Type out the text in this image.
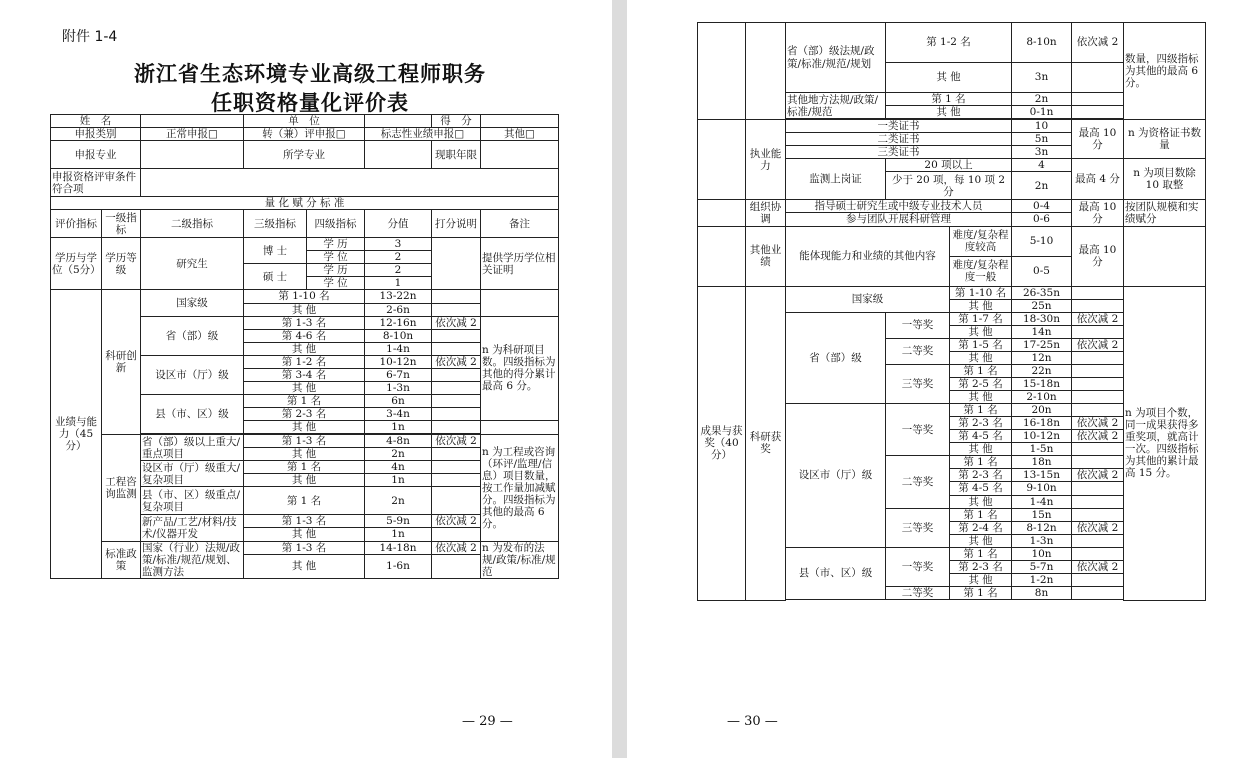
附件 1-4
浙江省生态环境专业高级工程师职务
任职资格量化评价表
姓　名			单　位			得　分		
申报类别		正常申报□	转（兼）评申报□		标志性业绩申报□		其他□	
申报专业			所学专业			现职年限		
申报资格评审条件符合项								
量 化 赋 分 标 准								
评价指标	一级指标	二级指标	三级指标	四级指标	分值	打分说明	备注	
学历与学位（5分）	学历等级	研究生	博 士	学 历	3		提供学历学位相关证明	
				学 位	2			
			硕 士	学 历	2			
				学 位	1			
业绩与能力（45分）	科研创新	国家级	第 1-10 名		13-22n			
			其 他		2-6n			
		省（部）级	第 1-3 名		12-16n	依次减 2	n 为科研项目数。四级指标为其他的得分累计最高 6 分。	
			第 4-6 名		8-10n			
			其 他		1-4n			
		设区市（厅）级	第 1-2 名		10-12n	依次减 2		
			第 3-4 名		6-7n			
			其 他		1-3n			
		县（市、区）级	第 1 名		6n			
			第 2-3 名		3-4n			
			其 他		1n			

	工程咨询监测	省（部）级以上重大/重点项目	第 1-3 名		4-8n	依次减 2	n 为工程或咨询（环评/监理/信息）项目数量，按工作量加减赋分。四级指标为其他的最高 6 分。	
			其 他		2n			
		设区市（厅）级重大/复杂项目	第 1 名		4n			
			其 他		1n			
		县（市、区）级重点/复杂项目	第 1 名		2n			

		新产品/工艺/材料/技术/仪器开发	第 1-3 名		5-9n	依次减 2		

			其 他		1n			

	标准政策	国家（行业）法规/政策/标准/规范/规划、监测方法	第 1-3 名		14-18n	依次减 2	n 为发布的法规/政策/标准/规范	
			其 他		1-6n			

— 29 —
		省（部）级法规/政策/标准/规范/规划	第 1-2 名		8-10n	依次减 2	数量，四级指标为其他的最高 6 分。
			其 他		3n		
		其他地方法规/政策/标准/规范	第 1 名		2n		
			其 他		0-1n		

	执业能力	一类证书			10	最高 10 分	n 为资格证书数量
		二类证书			5n		
		三类证书			3n		
		监测上岗证	20 项以上		4	最高 4 分	n 为项目数除 10 取整
			少于 20 项，每 10 项 2 分		2n		
	组织协调	指导硕士研究生或中级专业技术人员			0-4	最高 10 分	按团队规模和实绩赋分
		参与团队开展科研管理			0-6		
	其他业绩	能体现能力和业绩的其他内容		难度/复杂程度较高	5-10	最高 10 分	
				难度/复杂程度一般	0-5		
成果与获奖（40分）	科研获奖	国家级		第 1-10 名	26-35n		n 为项目个数，同一成果获得多重奖项，就高计一次。四级指标为其他的累计最高 15 分。
				其 他	25n		
		省（部）级	一等奖	第 1-7 名	18-30n	依次减 2	
				其 他	14n		
			二等奖	第 1-5 名	17-25n	依次减 2	
				其 他	12n		
			三等奖	第 1 名	22n		
				第 2-5 名	15-18n		
				其 他	2-10n		
		设区市（厅）级	一等奖	第 1 名	20n		
				第 2-3 名	16-18n	依次减 2	
				第 4-5 名	10-12n	依次减 2	
				其 他	1-5n		
			二等奖	第 1 名	18n		
				第 2-3 名	13-15n	依次减 2	
				第 4-5 名	9-10n		
				其 他	1-4n		
			三等奖	第 1 名	15n		
				第 2-4 名	8-12n	依次减 2	
				其 他	1-3n		
		县（市、区）级	一等奖	第 1 名	10n		
				第 2-3 名	5-7n	依次减 2	
				其 他	1-2n		
			二等奖	第 1 名	8n		

— 30 —
